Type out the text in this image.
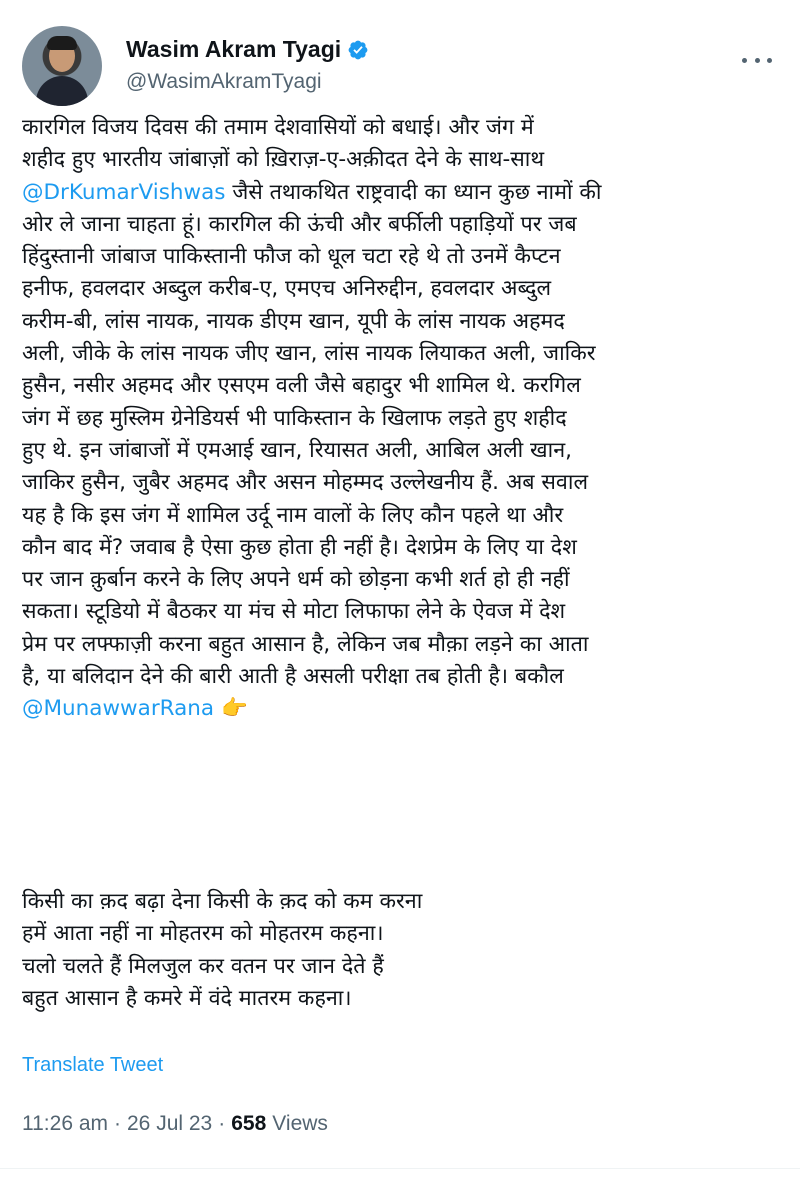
Wasim Akram Tyagi
@WasimAkramTyagi
कारगिल विजय दिवस की तमाम देशवासियों को बधाई। और जंग में
शहीद हुए भारतीय जांबाज़ों को ख़िराज़-ए-अक़ीदत देने के साथ-साथ
@DrKumarVishwas जैसे तथाकथित राष्ट्रवादी का ध्यान कुछ नामों की
ओर ले जाना चाहता हूं। कारगिल की ऊंची और बर्फीली पहाड़ियों पर जब
हिंदुस्तानी जांबाज पाकिस्तानी फौज को धूल चटा रहे थे तो उनमें कैप्टन
हनीफ, हवलदार अब्दुल करीब-ए, एमएच अनिरुद्दीन, हवलदार अब्दुल
करीम-बी, लांस नायक, नायक डीएम खान, यूपी के लांस नायक अहमद
अली, जीके के लांस नायक जीए खान, लांस नायक लियाकत अली, जाकिर
हुसैन, नसीर अहमद और एसएम वली जैसे बहादुर भी शामिल थे. करगिल
जंग में छह मुस्लिम ग्रेनेडियर्स भी पाकिस्तान के खिलाफ लड़ते हुए शहीद
हुए थे. इन जांबाजों में एमआई खान, रियासत अली, आबिल अली खान,
जाकिर हुसैन, जुबैर अहमद और असन मोहम्मद उल्लेखनीय हैं. अब सवाल
यह है कि इस जंग में शामिल उर्दू नाम वालों के लिए कौन पहले था और
कौन बाद में? जवाब है ऐसा कुछ होता ही नहीं है। देशप्रेम के लिए या देश
पर जान क़ुर्बान करने के लिए अपने धर्म को छोड़ना कभी शर्त हो ही नहीं
सकता। स्टूडियो में बैठकर या मंच से मोटा लिफाफा लेने के ऐवज में देश
प्रेम पर लफ्फाज़ी करना बहुत आसान है, लेकिन जब मौक़ा लड़ने का आता
है, या बलिदान देने की बारी आती है असली परीक्षा तब होती है। बकौल
@MunawwarRana 👉
किसी का क़द बढ़ा देना किसी के क़द को कम करना
हमें आता नहीं ना मोहतरम को मोहतरम कहना।
चलो चलते हैं मिलजुल कर वतन पर जान देते हैं
बहुत आसान है कमरे में वंदे मातरम कहना।
Translate Tweet
11:26 am · 26 Jul 23 · 658 Views
